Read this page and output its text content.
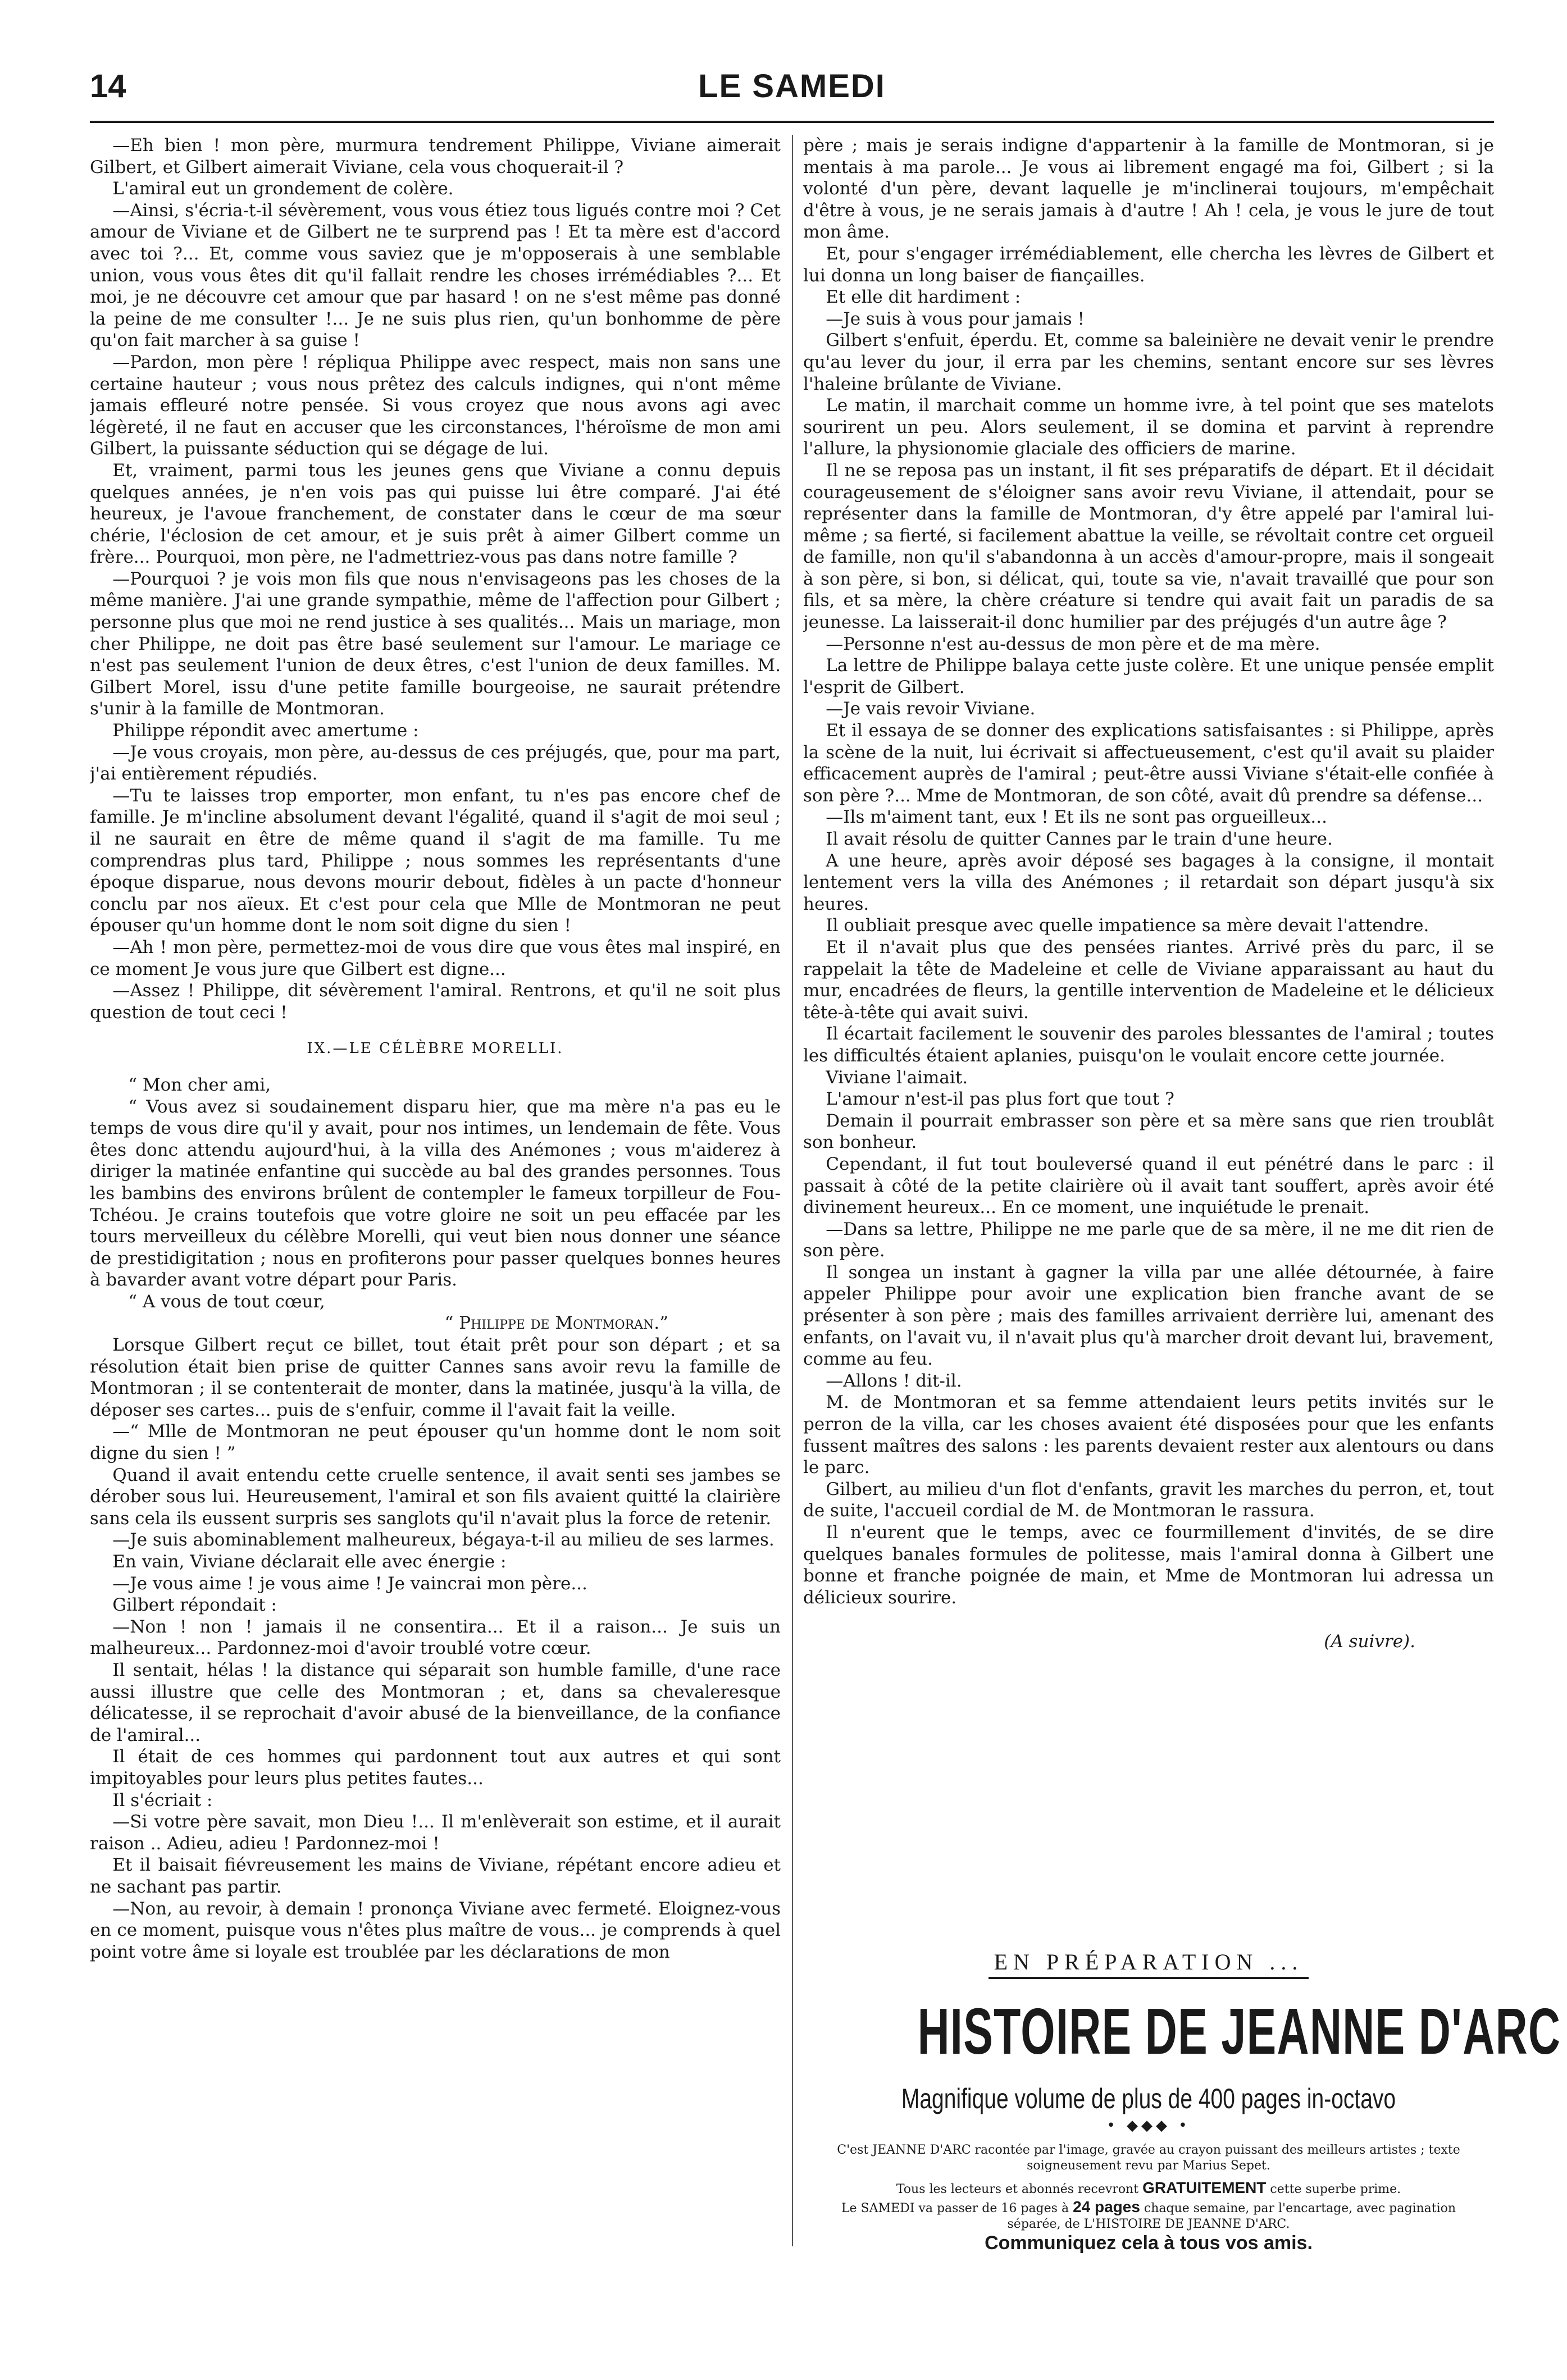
14	LE SAMEDI

—Eh bien ! mon père, murmura tendrement Philippe, Viviane aimerait Gilbert, et Gilbert aimerait Viviane, cela vous choquerait-il ?

L'amiral eut un grondement de colère.

—Ainsi, s'écria-t-il sévèrement, vous vous étiez tous ligués contre moi ? Cet amour de Viviane et de Gilbert ne te surprend pas ! Et ta mère est d'accord avec toi ?... Et, comme vous saviez que je m'opposerais à une semblable union, vous vous êtes dit qu'il fallait rendre les choses irrémédiables ?... Et moi, je ne découvre cet amour que par hasard ! on ne s'est même pas donné la peine de me consulter !... Je ne suis plus rien, qu'un bonhomme de père qu'on fait marcher à sa guise !

—Pardon, mon père ! répliqua Philippe avec respect, mais non sans une certaine hauteur ; vous nous prêtez des calculs indignes, qui n'ont même jamais effleuré notre pensée. Si vous croyez que nous avons agi avec légèreté, il ne faut en accuser que les circonstances, l'héroïsme de mon ami Gilbert, la puissante séduction qui se dégage de lui.

Et, vraiment, parmi tous les jeunes gens que Viviane a connu depuis quelques années, je n'en vois pas qui puisse lui être comparé. J'ai été heureux, je l'avoue franchement, de constater dans le cœur de ma sœur chérie, l'éclosion de cet amour, et je suis prêt à aimer Gilbert comme un frère... Pourquoi, mon père, ne l'admettriez-vous pas dans notre famille ?

—Pourquoi ? je vois mon fils que nous n'envisageons pas les choses de la même manière. J'ai une grande sympathie, même de l'affection pour Gilbert ; personne plus que moi ne rend justice à ses qualités... Mais un mariage, mon cher Philippe, ne doit pas être basé seulement sur l'amour. Le mariage ce n'est pas seulement l'union de deux êtres, c'est l'union de deux familles. M. Gilbert Morel, issu d'une petite famille bourgeoise, ne saurait prétendre s'unir à la famille de Montmoran.

Philippe répondit avec amertume :

—Je vous croyais, mon père, au-dessus de ces préjugés, que, pour ma part, j'ai entièrement répudiés.

—Tu te laisses trop emporter, mon enfant, tu n'es pas encore chef de famille. Je m'incline absolument devant l'égalité, quand il s'agit de moi seul ; il ne saurait en être de même quand il s'agit de ma famille. Tu me comprendras plus tard, Philippe ; nous sommes les représentants d'une époque disparue, nous devons mourir debout, fidèles à un pacte d'honneur conclu par nos aïeux. Et c'est pour cela que Mlle de Montmoran ne peut épouser qu'un homme dont le nom soit digne du sien !

—Ah ! mon père, permettez-moi de vous dire que vous êtes mal inspiré, en ce moment Je vous jure que Gilbert est digne...

—Assez ! Philippe, dit sévèrement l'amiral. Rentrons, et qu'il ne soit plus question de tout ceci !

IX.—LE CÉLÈBRE MORELLI.

“ Mon cher ami,

“ Vous avez si soudainement disparu hier, que ma mère n'a pas eu le temps de vous dire qu'il y avait, pour nos intimes, un lendemain de fête. Vous êtes donc attendu aujourd'hui, à la villa des Anémones ; vous m'aiderez à diriger la matinée enfantine qui succède au bal des grandes personnes. Tous les bambins des environs brûlent de contempler le fameux torpilleur de Fou-Tchéou. Je crains toutefois que votre gloire ne soit un peu effacée par les tours merveilleux du célèbre Morelli, qui veut bien nous donner une séance de prestidigitation ; nous en profiterons pour passer quelques bonnes heures à bavarder avant votre départ pour Paris.

“ A vous de tout cœur,

“ Philippe de Montmoran.”

Lorsque Gilbert reçut ce billet, tout était prêt pour son départ ; et sa résolution était bien prise de quitter Cannes sans avoir revu la famille de Montmoran ; il se contenterait de monter, dans la matinée, jusqu'à la villa, de déposer ses cartes... puis de s'enfuir, comme il l'avait fait la veille.

—“ Mlle de Montmoran ne peut épouser qu'un homme dont le nom soit digne du sien ! ”

Quand il avait entendu cette cruelle sentence, il avait senti ses jambes se dérober sous lui. Heureusement, l'amiral et son fils avaient quitté la clairière sans cela ils eussent surpris ses sanglots qu'il n'avait plus la force de retenir.

—Je suis abominablement malheureux, bégaya-t-il au milieu de ses larmes.

En vain, Viviane déclarait elle avec énergie :

—Je vous aime ! je vous aime ! Je vaincrai mon père...

Gilbert répondait :

—Non ! non ! jamais il ne consentira... Et il a raison... Je suis un malheureux... Pardonnez-moi d'avoir troublé votre cœur.

Il sentait, hélas ! la distance qui séparait son humble famille, d'une race aussi illustre que celle des Montmoran ; et, dans sa chevaleresque délicatesse, il se reprochait d'avoir abusé de la bienveillance, de la confiance de l'amiral...

Il était de ces hommes qui pardonnent tout aux autres et qui sont impitoyables pour leurs plus petites fautes...

Il s'écriait :

—Si votre père savait, mon Dieu !... Il m'enlèverait son estime, et il aurait raison .. Adieu, adieu ! Pardonnez-moi !

Et il baisait fiévreusement les mains de Viviane, répétant encore adieu et ne sachant pas partir.

—Non, au revoir, à demain ! prononça Viviane avec fermeté. Eloignez-vous en ce moment, puisque vous n'êtes plus maître de vous... je comprends à quel point votre âme si loyale est troublée par les déclarations de mon

père ; mais je serais indigne d'appartenir à la famille de Montmoran, si je mentais à ma parole... Je vous ai librement engagé ma foi, Gilbert ; si la volonté d'un père, devant laquelle je m'inclinerai toujours, m'empêchait d'être à vous, je ne serais jamais à d'autre ! Ah ! cela, je vous le jure de tout mon âme.

Et, pour s'engager irrémédiablement, elle chercha les lèvres de Gilbert et lui donna un long baiser de fiançailles.

Et elle dit hardiment :

—Je suis à vous pour jamais !

Gilbert s'enfuit, éperdu. Et, comme sa baleinière ne devait venir le prendre qu'au lever du jour, il erra par les chemins, sentant encore sur ses lèvres l'haleine brûlante de Viviane.

Le matin, il marchait comme un homme ivre, à tel point que ses matelots sourirent un peu. Alors seulement, il se domina et parvint à reprendre l'allure, la physionomie glaciale des officiers de marine.

Il ne se reposa pas un instant, il fit ses préparatifs de départ. Et il décidait courageusement de s'éloigner sans avoir revu Viviane, il attendait, pour se représenter dans la famille de Montmoran, d'y être appelé par l'amiral lui-même ; sa fierté, si facilement abattue la veille, se révoltait contre cet orgueil de famille, non qu'il s'abandonna à un accès d'amour-propre, mais il songeait à son père, si bon, si délicat, qui, toute sa vie, n'avait travaillé que pour son fils, et sa mère, la chère créature si tendre qui avait fait un paradis de sa jeunesse. La laisserait-il donc humilier par des préjugés d'un autre âge ?

—Personne n'est au-dessus de mon père et de ma mère.

La lettre de Philippe balaya cette juste colère. Et une unique pensée emplit l'esprit de Gilbert.

—Je vais revoir Viviane.

Et il essaya de se donner des explications satisfaisantes : si Philippe, après la scène de la nuit, lui écrivait si affectueusement, c'est qu'il avait su plaider efficacement auprès de l'amiral ; peut-être aussi Viviane s'était-elle confiée à son père ?... Mme de Montmoran, de son côté, avait dû prendre sa défense...

—Ils m'aiment tant, eux ! Et ils ne sont pas orgueilleux...

Il avait résolu de quitter Cannes par le train d'une heure.

A une heure, après avoir déposé ses bagages à la consigne, il montait lentement vers la villa des Anémones ; il retardait son départ jusqu'à six heures.

Il oubliait presque avec quelle impatience sa mère devait l'attendre.

Et il n'avait plus que des pensées riantes. Arrivé près du parc, il se rappelait la tête de Madeleine et celle de Viviane apparaissant au haut du mur, encadrées de fleurs, la gentille intervention de Madeleine et le délicieux tête-à-tête qui avait suivi.

Il écartait facilement le souvenir des paroles blessantes de l'amiral ; toutes les difficultés étaient aplanies, puisqu'on le voulait encore cette journée.

Viviane l'aimait.

L'amour n'est-il pas plus fort que tout ?

Demain il pourrait embrasser son père et sa mère sans que rien troublât son bonheur.

Cependant, il fut tout bouleversé quand il eut pénétré dans le parc : il passait à côté de la petite clairière où il avait tant souffert, après avoir été divinement heureux... En ce moment, une inquiétude le prenait.

—Dans sa lettre, Philippe ne me parle que de sa mère, il ne me dit rien de son père.

Il songea un instant à gagner la villa par une allée détournée, à faire appeler Philippe pour avoir une explication bien franche avant de se présenter à son père ; mais des familles arrivaient derrière lui, amenant des enfants, on l'avait vu, il n'avait plus qu'à marcher droit devant lui, bravement, comme au feu.

—Allons ! dit-il.

M. de Montmoran et sa femme attendaient leurs petits invités sur le perron de la villa, car les choses avaient été disposées pour que les enfants fussent maîtres des salons : les parents devaient rester aux alentours ou dans le parc.

Gilbert, au milieu d'un flot d'enfants, gravit les marches du perron, et, tout de suite, l'accueil cordial de M. de Montmoran le rassura.

Il n'eurent que le temps, avec ce fourmillement d'invités, de se dire quelques banales formules de politesse, mais l'amiral donna à Gilbert une bonne et franche poignée de main, et Mme de Montmoran lui adressa un délicieux sourire.

(A suivre).

EN PRÉPARATION ...
HISTOIRE DE JEANNE D'ARC
Magnifique volume de plus de 400 pages in-octavo
• ◆◆◆ •
C'est JEANNE D'ARC racontée par l'image, gravée au crayon puissant des meilleurs artistes ; texte soigneusement revu par Marius Sepet.
Tous les lecteurs et abonnés recevront GRATUITEMENT cette superbe prime.
Le SAMEDI va passer de 16 pages à 24 pages chaque semaine, par l'encartage, avec pagination séparée, de L'HISTOIRE DE JEANNE D'ARC.
Communiquez cela à tous vos amis.
